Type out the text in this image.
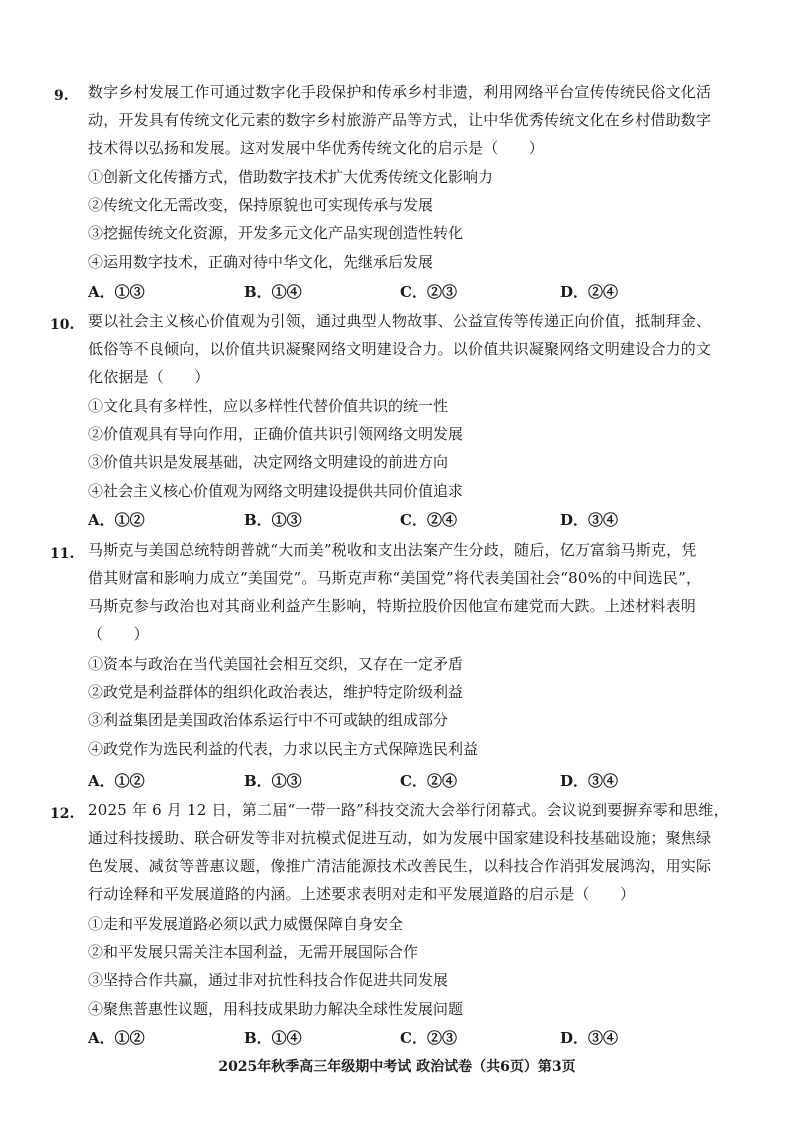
9. 数字乡村发展工作可通过数字化手段保护和传承乡村非遗，利用网络平台宣传传统民俗文化活
动，开发具有传统文化元素的数字乡村旅游产品等方式，让中华优秀传统文化在乡村借助数字
技术得以弘扬和发展。这对发展中华优秀传统文化的启示是（　　）
①创新文化传播方式，借助数字技术扩大优秀传统文化影响力
②传统文化无需改变，保持原貌也可实现传承与发展
③挖掘传统文化资源，开发多元文化产品实现创造性转化
④运用数字技术，正确对待中华文化，先继承后发展
A．①③	B．①④	C．②③	D．②④
10. 要以社会主义核心价值观为引领，通过典型人物故事、公益宣传等传递正向价值，抵制拜金、
低俗等不良倾向，以价值共识凝聚网络文明建设合力。以价值共识凝聚网络文明建设合力的文
化依据是（　　）
①文化具有多样性，应以多样性代替价值共识的统一性
②价值观具有导向作用，正确价值共识引领网络文明发展
③价值共识是发展基础，决定网络文明建设的前进方向
④社会主义核心价值观为网络文明建设提供共同价值追求
A．①②	B．①③	C．②④	D．③④
11. 马斯克与美国总统特朗普就“大而美”税收和支出法案产生分歧，随后，亿万富翁马斯克，凭
借其财富和影响力成立“美国党”。马斯克声称“美国党”将代表美国社会“80%的中间选民”，
马斯克参与政治也对其商业利益产生影响，特斯拉股价因他宣布建党而大跌。上述材料表明
（　　）
①资本与政治在当代美国社会相互交织，又存在一定矛盾
②政党是利益群体的组织化政治表达，维护特定阶级利益
③利益集团是美国政治体系运行中不可或缺的组成部分
④政党作为选民利益的代表，力求以民主方式保障选民利益
A．①②	B．①③	C．②④	D．③④
12. 2025 年 6 月 12 日，第二届“一带一路”科技交流大会举行闭幕式。会议说到要摒弃零和思维，
通过科技援助、联合研发等非对抗模式促进互动，如为发展中国家建设科技基础设施；聚焦绿
色发展、减贫等普惠议题，像推广清洁能源技术改善民生，以科技合作消弭发展鸿沟，用实际
行动诠释和平发展道路的内涵。上述要求表明对走和平发展道路的启示是（　　）
①走和平发展道路必须以武力威慑保障自身安全
②和平发展只需关注本国利益，无需开展国际合作
③坚持合作共赢，通过非对抗性科技合作促进共同发展
④聚焦普惠性议题，用科技成果助力解决全球性发展问题
A．①②	B．①④	C．②③	D．③④
2025年秋季高三年级期中考试 政治试卷（共6页）第3页
